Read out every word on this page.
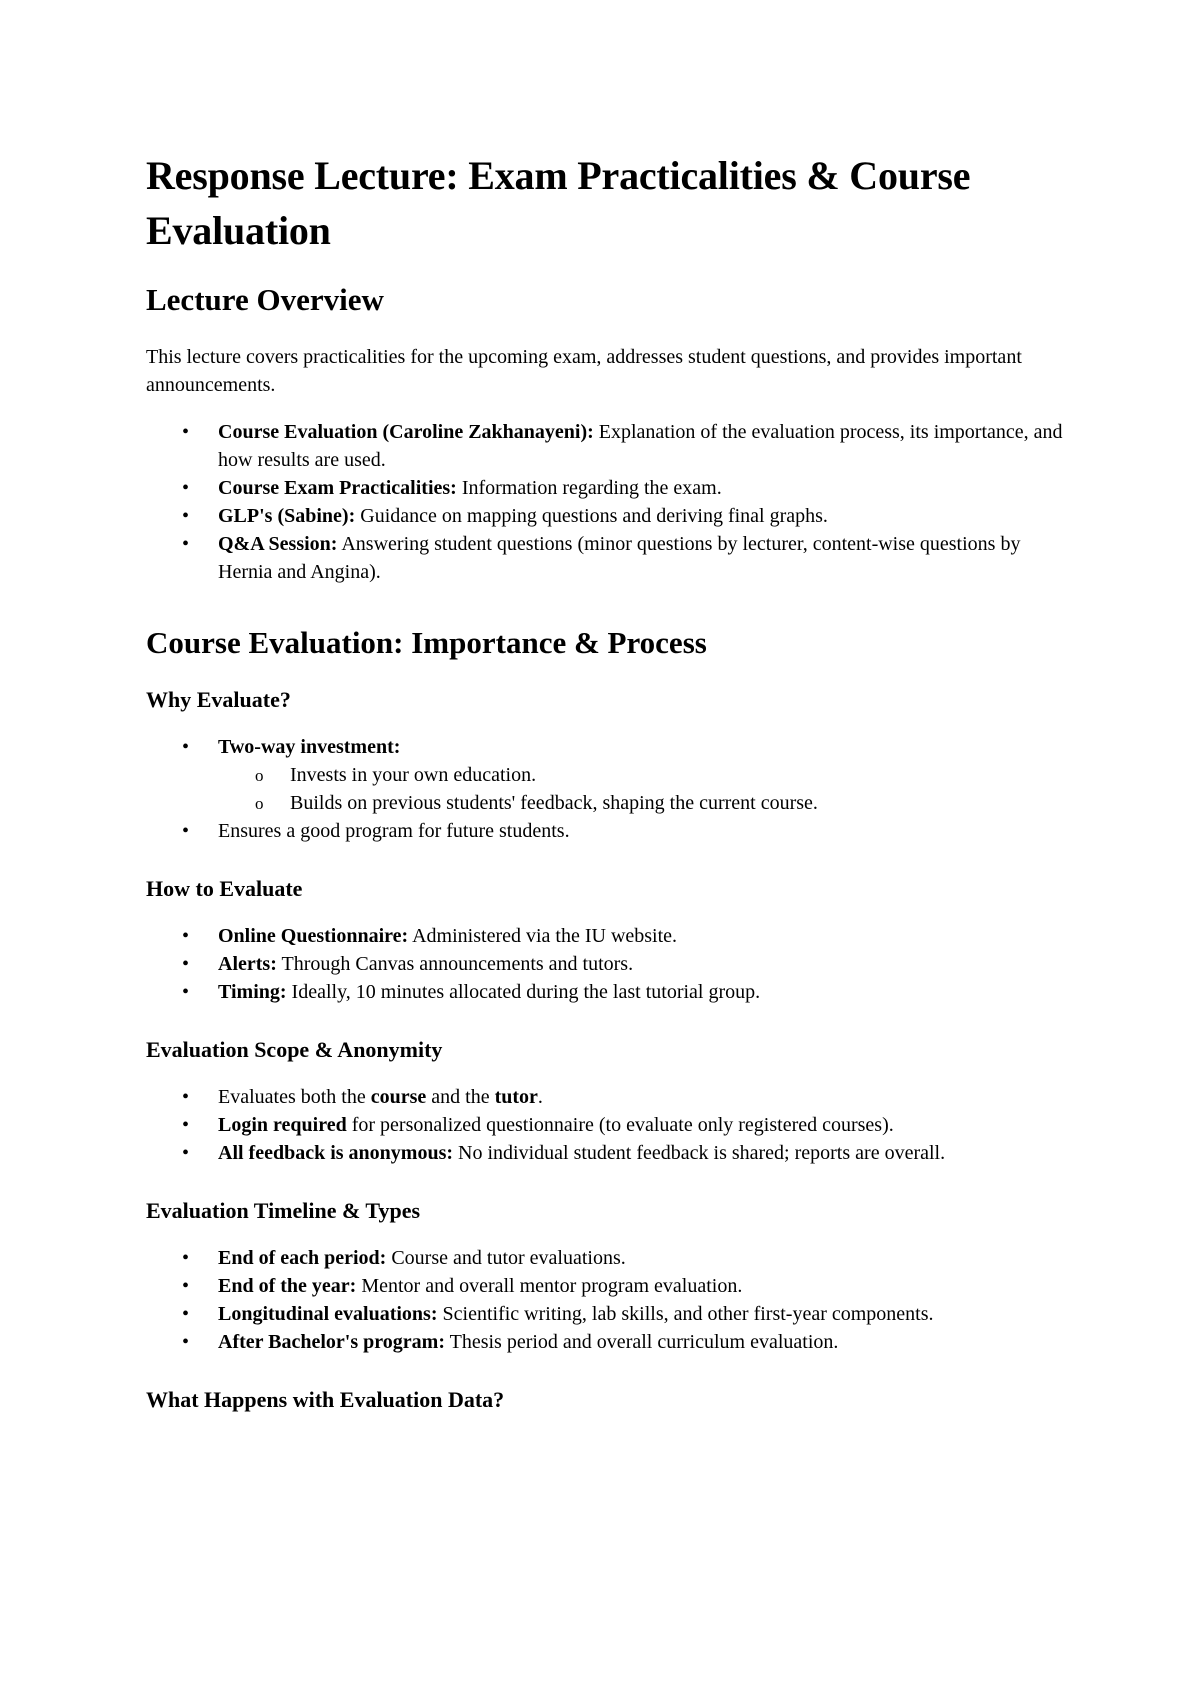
Response Lecture: Exam Practicalities & Course Evaluation
Lecture Overview

This lecture covers practicalities for the upcoming exam, addresses student questions, and provides important announcements.

• Course Evaluation (Caroline Zakhanayeni): Explanation of the evaluation process, its importance, and how results are used.
• Course Exam Practicalities: Information regarding the exam.
• GLP's (Sabine): Guidance on mapping questions and deriving final graphs.
• Q&A Session: Answering student questions (minor questions by lecturer, content-wise questions by Hernia and Angina).
Course Evaluation: Importance & Process
Why Evaluate?
• Two-way investment:
o Invests in your own education.
o Builds on previous students' feedback, shaping the current course.
• Ensures a good program for future students.
How to Evaluate
• Online Questionnaire: Administered via the IU website.
• Alerts: Through Canvas announcements and tutors.
• Timing: Ideally, 10 minutes allocated during the last tutorial group.
Evaluation Scope & Anonymity
• Evaluates both the course and the tutor.
• Login required for personalized questionnaire (to evaluate only registered courses).
• All feedback is anonymous: No individual student feedback is shared; reports are overall.
Evaluation Timeline & Types
• End of each period: Course and tutor evaluations.
• End of the year: Mentor and overall mentor program evaluation.
• Longitudinal evaluations: Scientific writing, lab skills, and other first-year components.
• After Bachelor's program: Thesis period and overall curriculum evaluation.
What Happens with Evaluation Data?
